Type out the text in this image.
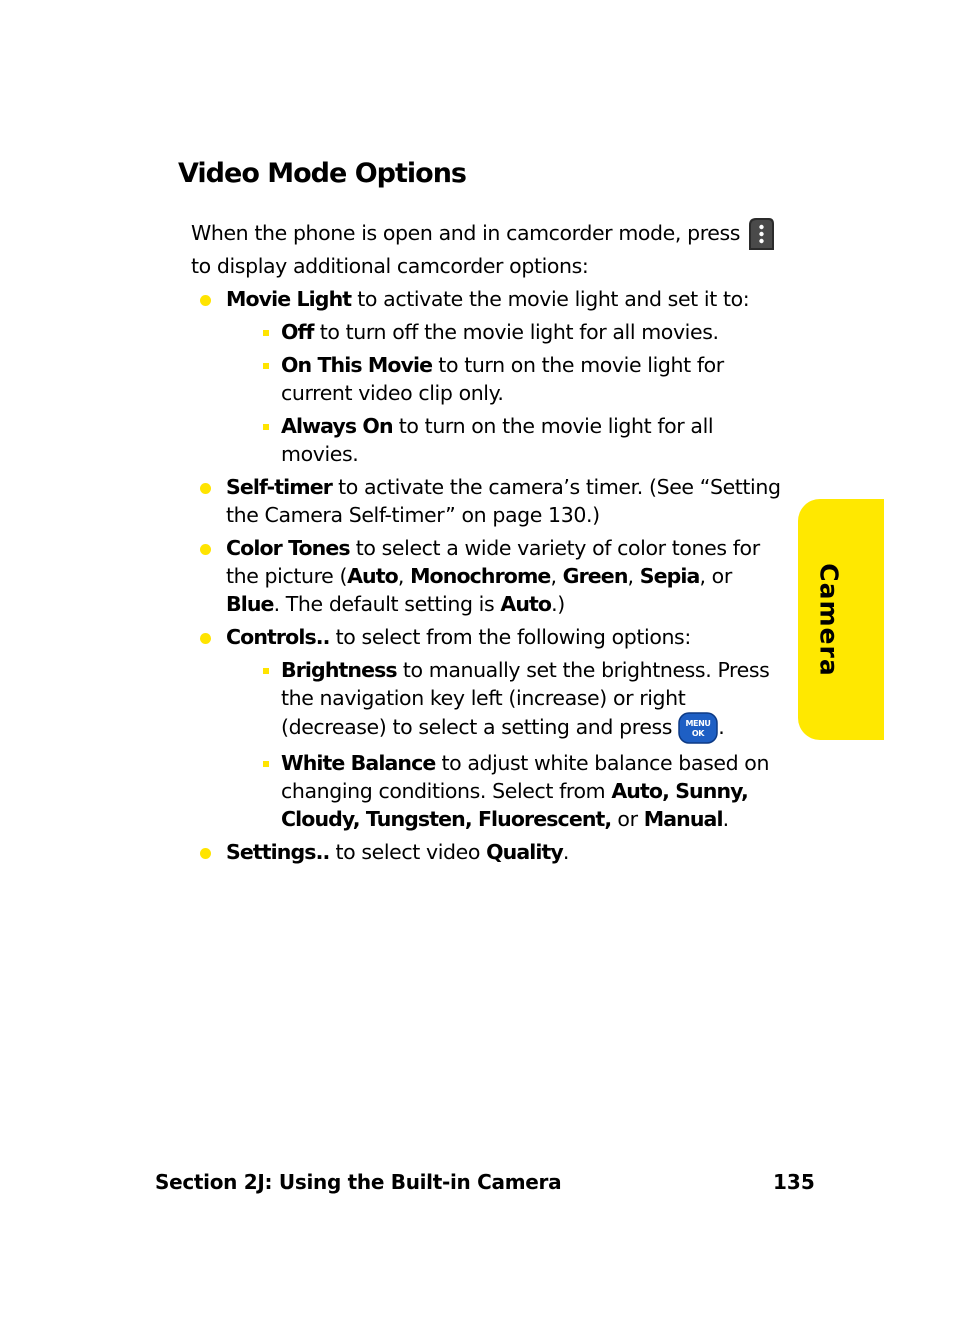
Video Mode Options

When the phone is open and in camcorder mode, press  to display additional camcorder options:

Movie Light to activate the movie light and set it to:
Off to turn off the movie light for all movies.
On This Movie to turn on the movie light for current video clip only.
Always On to turn on the movie light for all movies.
Self-timer to activate the camera’s timer. (See “Setting the Camera Self-timer” on page 130.)
Color Tones to select a wide variety of color tones for the picture (Auto, Monochrome, Green, Sepia, or Blue. The default setting is Auto.)
Controls.. to select from the following options:
Brightness to manually set the brightness. Press the navigation key left (increase) or right (decrease) to select a setting and press MENU
OK .
White Balance to adjust white balance based on changing conditions. Select from Auto, Sunny, Cloudy, Tungsten, Fluorescent, or Manual.
Settings.. to select video Quality.
Camera
Section 2J: Using the Built-in Camera	135
